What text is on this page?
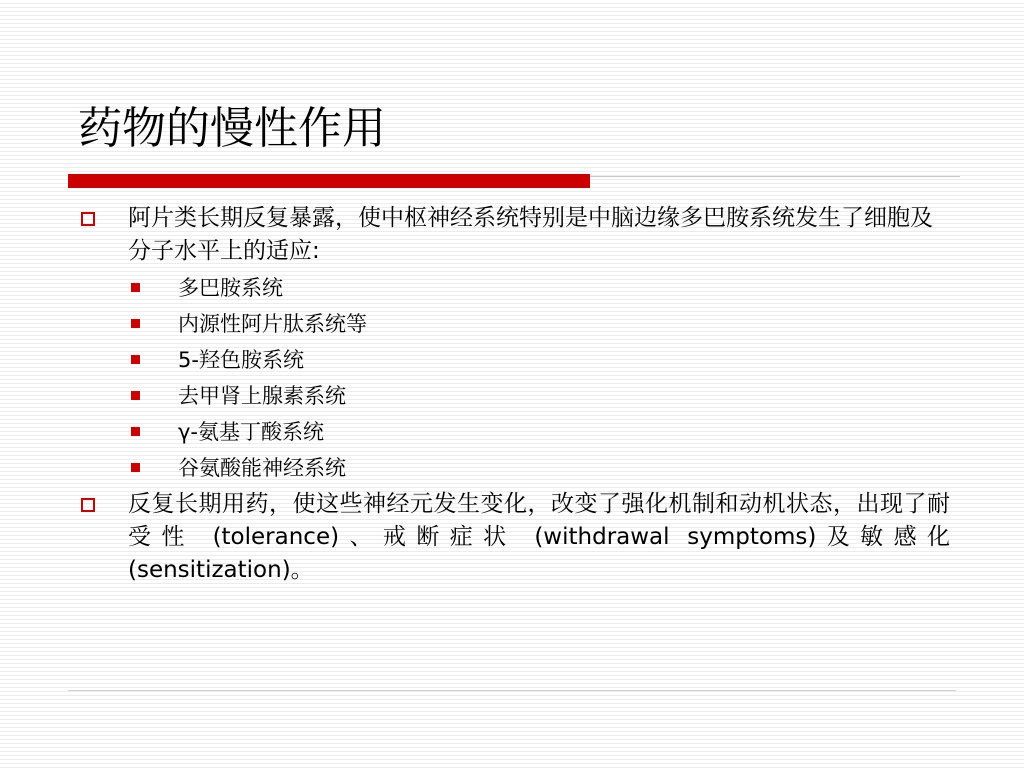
药物的慢性作用
阿片类长期反复暴露，使中枢神经系统特别是中脑边缘多巴胺系统发生了细胞及分子水平上的适应:
多巴胺系统
内源性阿片肽系统等
5-羟色胺系统
去甲肾上腺素系统
γ-氨基丁酸系统
谷氨酸能神经系统
反复长期用药，使这些神经元发生变化，改变了强化机制和动机状态，出现了耐受性 (tolerance)、戒断症状 (withdrawal symptoms)及敏感化(sensitization)。
